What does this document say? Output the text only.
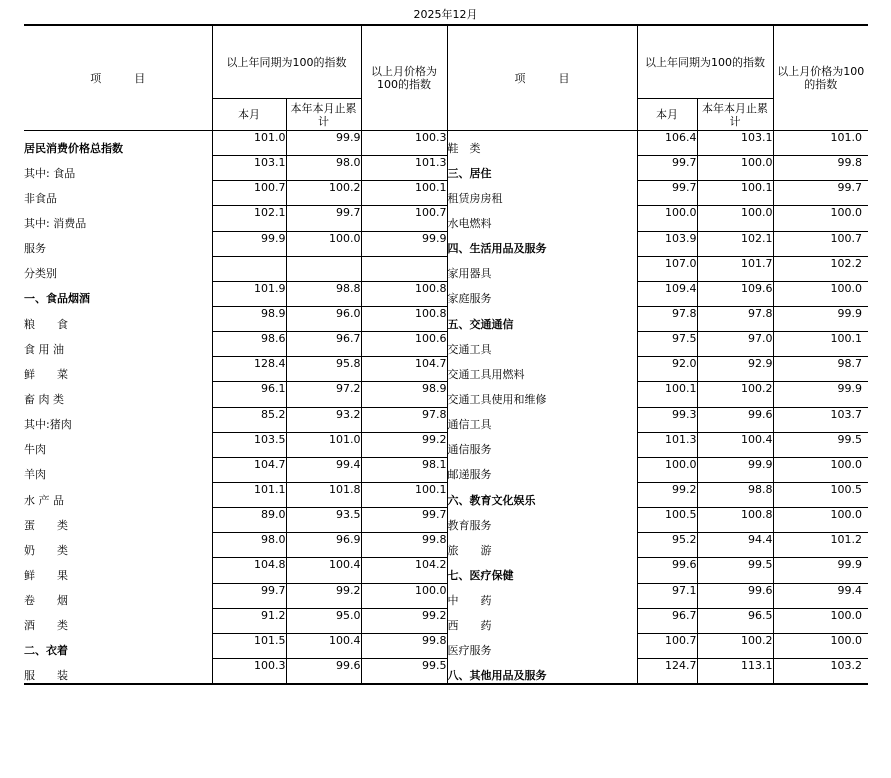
2025年12月
项　　　目	以上年同期为100的指数		以上月价格为100的指数	项　　　目	以上年同期为100的指数		以上月价格为100的指数
	本月	本年本月止累计			本月	本年本月止累计	
居民消费价格总指数	101.0	99.9	100.3	鞋　类	106.4	103.1	101.0
其中: 食品	103.1	98.0	101.3	三、居住	99.7	100.0	99.8
非食品	100.7	100.2	100.1	租赁房房租	99.7	100.1	99.7
其中: 消费品	102.1	99.7	100.7	水电燃料	100.0	100.0	100.0
服务	99.9	100.0	99.9	四、生活用品及服务	103.9	102.1	100.7
分类别				家用器具	107.0	101.7	102.2
一、食品烟酒	101.9	98.8	100.8	家庭服务	109.4	109.6	100.0
粮　　食	98.9	96.0	100.8	五、交通通信	97.8	97.8	99.9
食 用 油	98.6	96.7	100.6	交通工具	97.5	97.0	100.1
鲜　　菜	128.4	95.8	104.7	交通工具用燃料	92.0	92.9	98.7
畜 肉 类	96.1	97.2	98.9	交通工具使用和维修	100.1	100.2	99.9
其中:猪肉	85.2	93.2	97.8	通信工具	99.3	99.6	103.7
牛肉	103.5	101.0	99.2	通信服务	101.3	100.4	99.5
羊肉	104.7	99.4	98.1	邮递服务	100.0	99.9	100.0
水 产 品	101.1	101.8	100.1	六、教育文化娱乐	99.2	98.8	100.5
蛋　　类	89.0	93.5	99.7	教育服务	100.5	100.8	100.0
奶　　类	98.0	96.9	99.8	旅　　游	95.2	94.4	101.2
鲜　　果	104.8	100.4	104.2	七、医疗保健	99.6	99.5	99.9
卷　　烟	99.7	99.2	100.0	中　　药	97.1	99.6	99.4
酒　　类	91.2	95.0	99.2	西　　药	96.7	96.5	100.0
二、衣着	101.5	100.4	99.8	医疗服务	100.7	100.2	100.0
服　　装	100.3	99.6	99.5	八、其他用品及服务	124.7	113.1	103.2
